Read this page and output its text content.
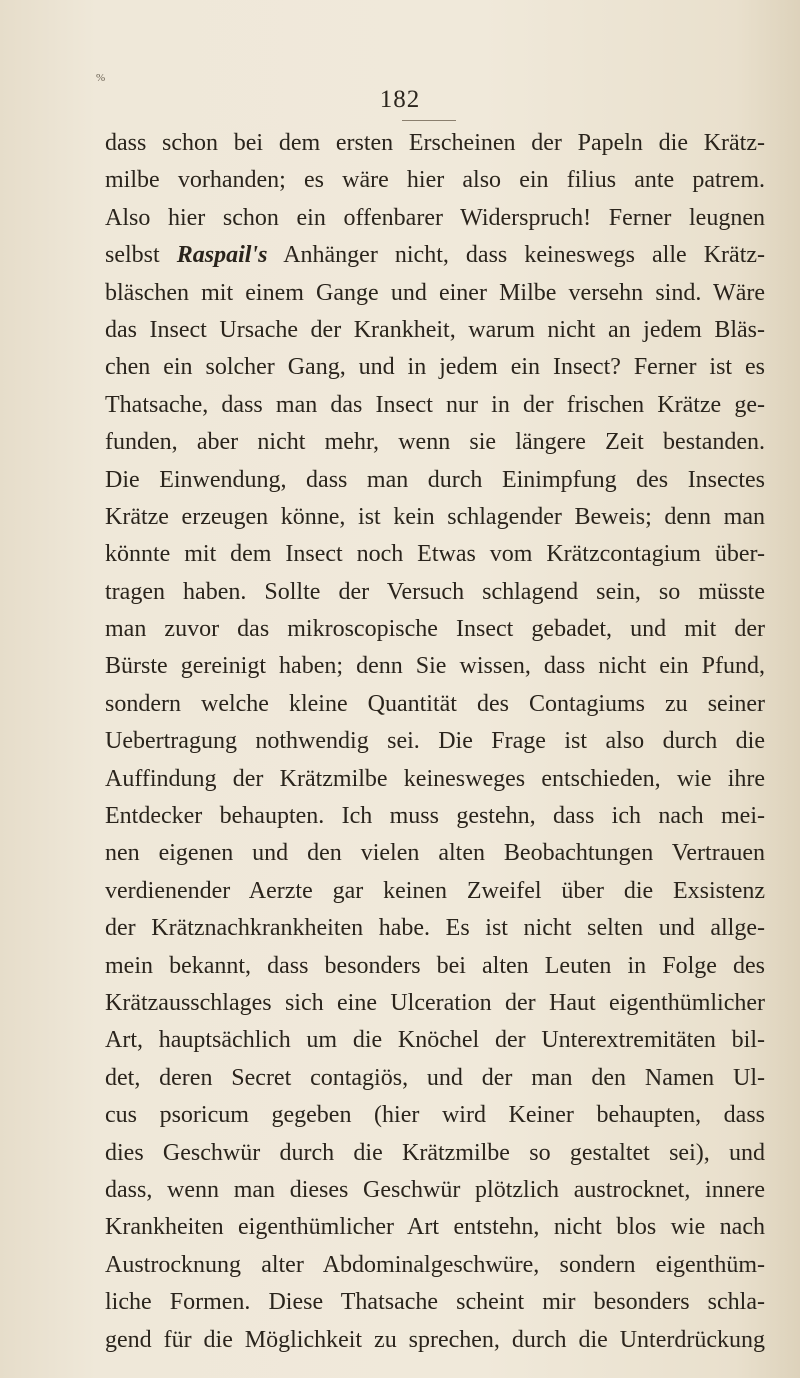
%
182
dass schon bei dem ersten Erscheinen der Papeln die Krätz-
milbe vorhanden; es wäre hier also ein filius ante patrem.
Also hier schon ein offenbarer Widerspruch! Ferner leugnen
selbst Raspail's Anhänger nicht, dass keineswegs alle Krätz-
bläschen mit einem Gange und einer Milbe versehn sind. Wäre
das Insect Ursache der Krankheit, warum nicht an jedem Bläs-
chen ein solcher Gang, und in jedem ein Insect? Ferner ist es
Thatsache, dass man das Insect nur in der frischen Krätze ge-
funden, aber nicht mehr, wenn sie längere Zeit bestanden.
Die Einwendung, dass man durch Einimpfung des Insectes
Krätze erzeugen könne, ist kein schlagender Beweis; denn man
könnte mit dem Insect noch Etwas vom Krätzcontagium über-
tragen haben. Sollte der Versuch schlagend sein, so müsste
man zuvor das mikroscopische Insect gebadet, und mit der
Bürste gereinigt haben; denn Sie wissen, dass nicht ein Pfund,
sondern welche kleine Quantität des Contagiums zu seiner
Uebertragung nothwendig sei. Die Frage ist also durch die
Auffindung der Krätzmilbe keinesweges entschieden, wie ihre
Entdecker behaupten. Ich muss gestehn, dass ich nach mei-
nen eigenen und den vielen alten Beobachtungen Vertrauen
verdienender Aerzte gar keinen Zweifel über die Exsistenz
der Krätznachkrankheiten habe. Es ist nicht selten und allge-
mein bekannt, dass besonders bei alten Leuten in Folge des
Krätzausschlages sich eine Ulceration der Haut eigenthümlicher
Art, hauptsächlich um die Knöchel der Unterextremitäten bil-
det, deren Secret contagiös, und der man den Namen Ul-
cus psoricum gegeben (hier wird Keiner behaupten, dass
dies Geschwür durch die Krätzmilbe so gestaltet sei), und
dass, wenn man dieses Geschwür plötzlich austrocknet, innere
Krankheiten eigenthümlicher Art entstehn, nicht blos wie nach
Austrocknung alter Abdominalgeschwüre, sondern eigenthüm-
liche Formen. Diese Thatsache scheint mir besonders schla-
gend für die Möglichkeit zu sprechen, durch die Unterdrückung
